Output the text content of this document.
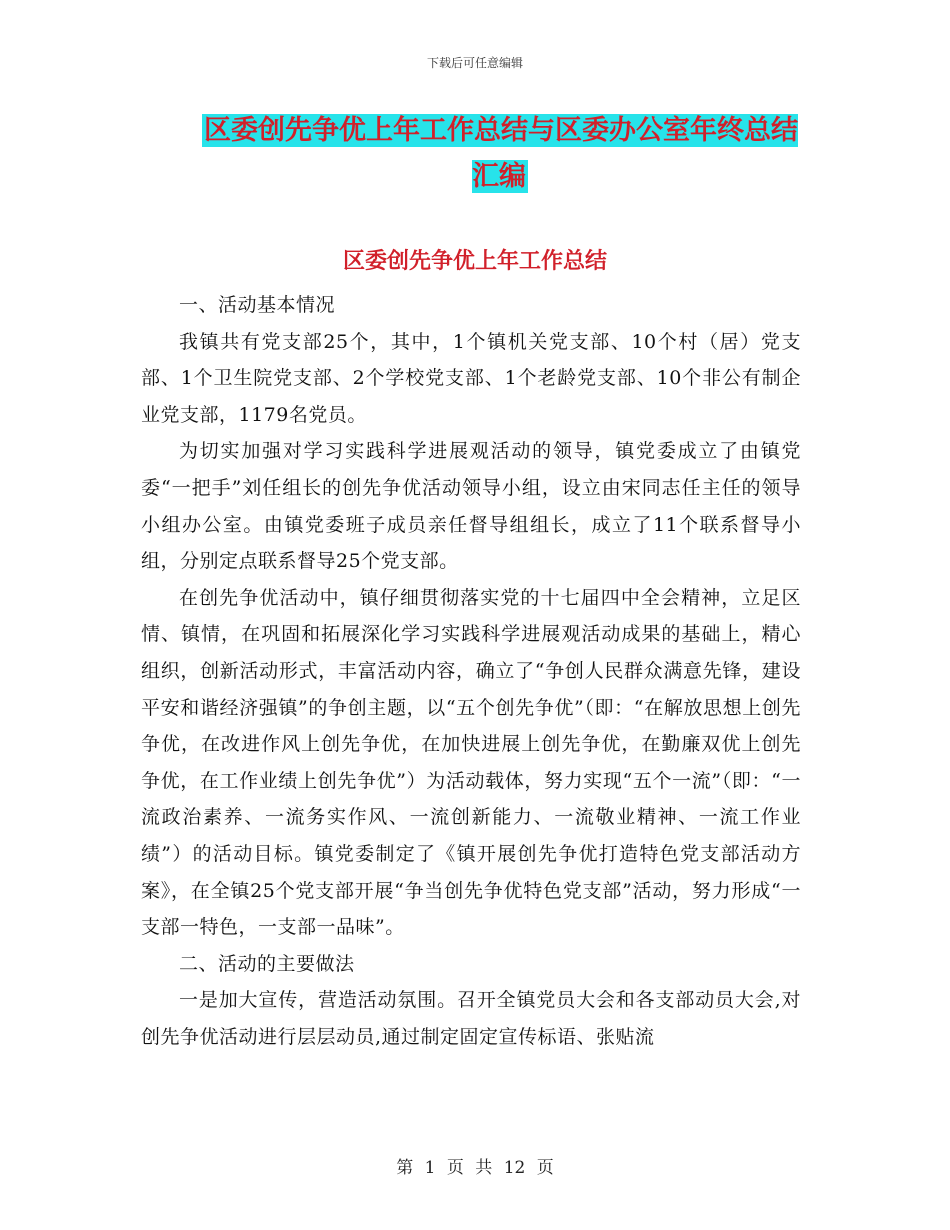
下载后可任意编辑
区委创先争优上年工作总结与区委办公室年终总结汇编
区委创先争优上年工作总结

一、活动基本情况

我镇共有党支部25个，其中，1个镇机关党支部、10个村（居）党支部、1个卫生院党支部、2个学校党支部、1个老龄党支部、10个非公有制企业党支部，1179名党员。

为切实加强对学习实践科学进展观活动的领导，镇党委成立了由镇党委“一把手”刘任组长的创先争优活动领导小组，设立由宋同志任主任的领导小组办公室。由镇党委班子成员亲任督导组组长，成立了11个联系督导小组，分别定点联系督导25个党支部。

在创先争优活动中，镇仔细贯彻落实党的十七届四中全会精神，立足区情、镇情，在巩固和拓展深化学习实践科学进展观活动成果的基础上，精心组织，创新活动形式，丰富活动内容，确立了“争创人民群众满意先锋，建设平安和谐经济强镇”的争创主题，以“五个创先争优”（即：“在解放思想上创先争优，在改进作风上创先争优，在加快进展上创先争优，在勤廉双优上创先争优，在工作业绩上创先争优”）为活动载体，努力实现“五个一流”（即：“一流政治素养、一流务实作风、一流创新能力、一流敬业精神、一流工作业绩”）的活动目标。镇党委制定了《镇开展创先争优打造特色党支部活动方案》，在全镇25个党支部开展“争当创先争优特色党支部”活动，努力形成“一支部一特色，一支部一品味”。

二、活动的主要做法

一是加大宣传，营造活动氛围。召开全镇党员大会和各支部动员大会,对创先争优活动进行层层动员,通过制定固定宣传标语、张贴流

第 1 页 共 12 页
